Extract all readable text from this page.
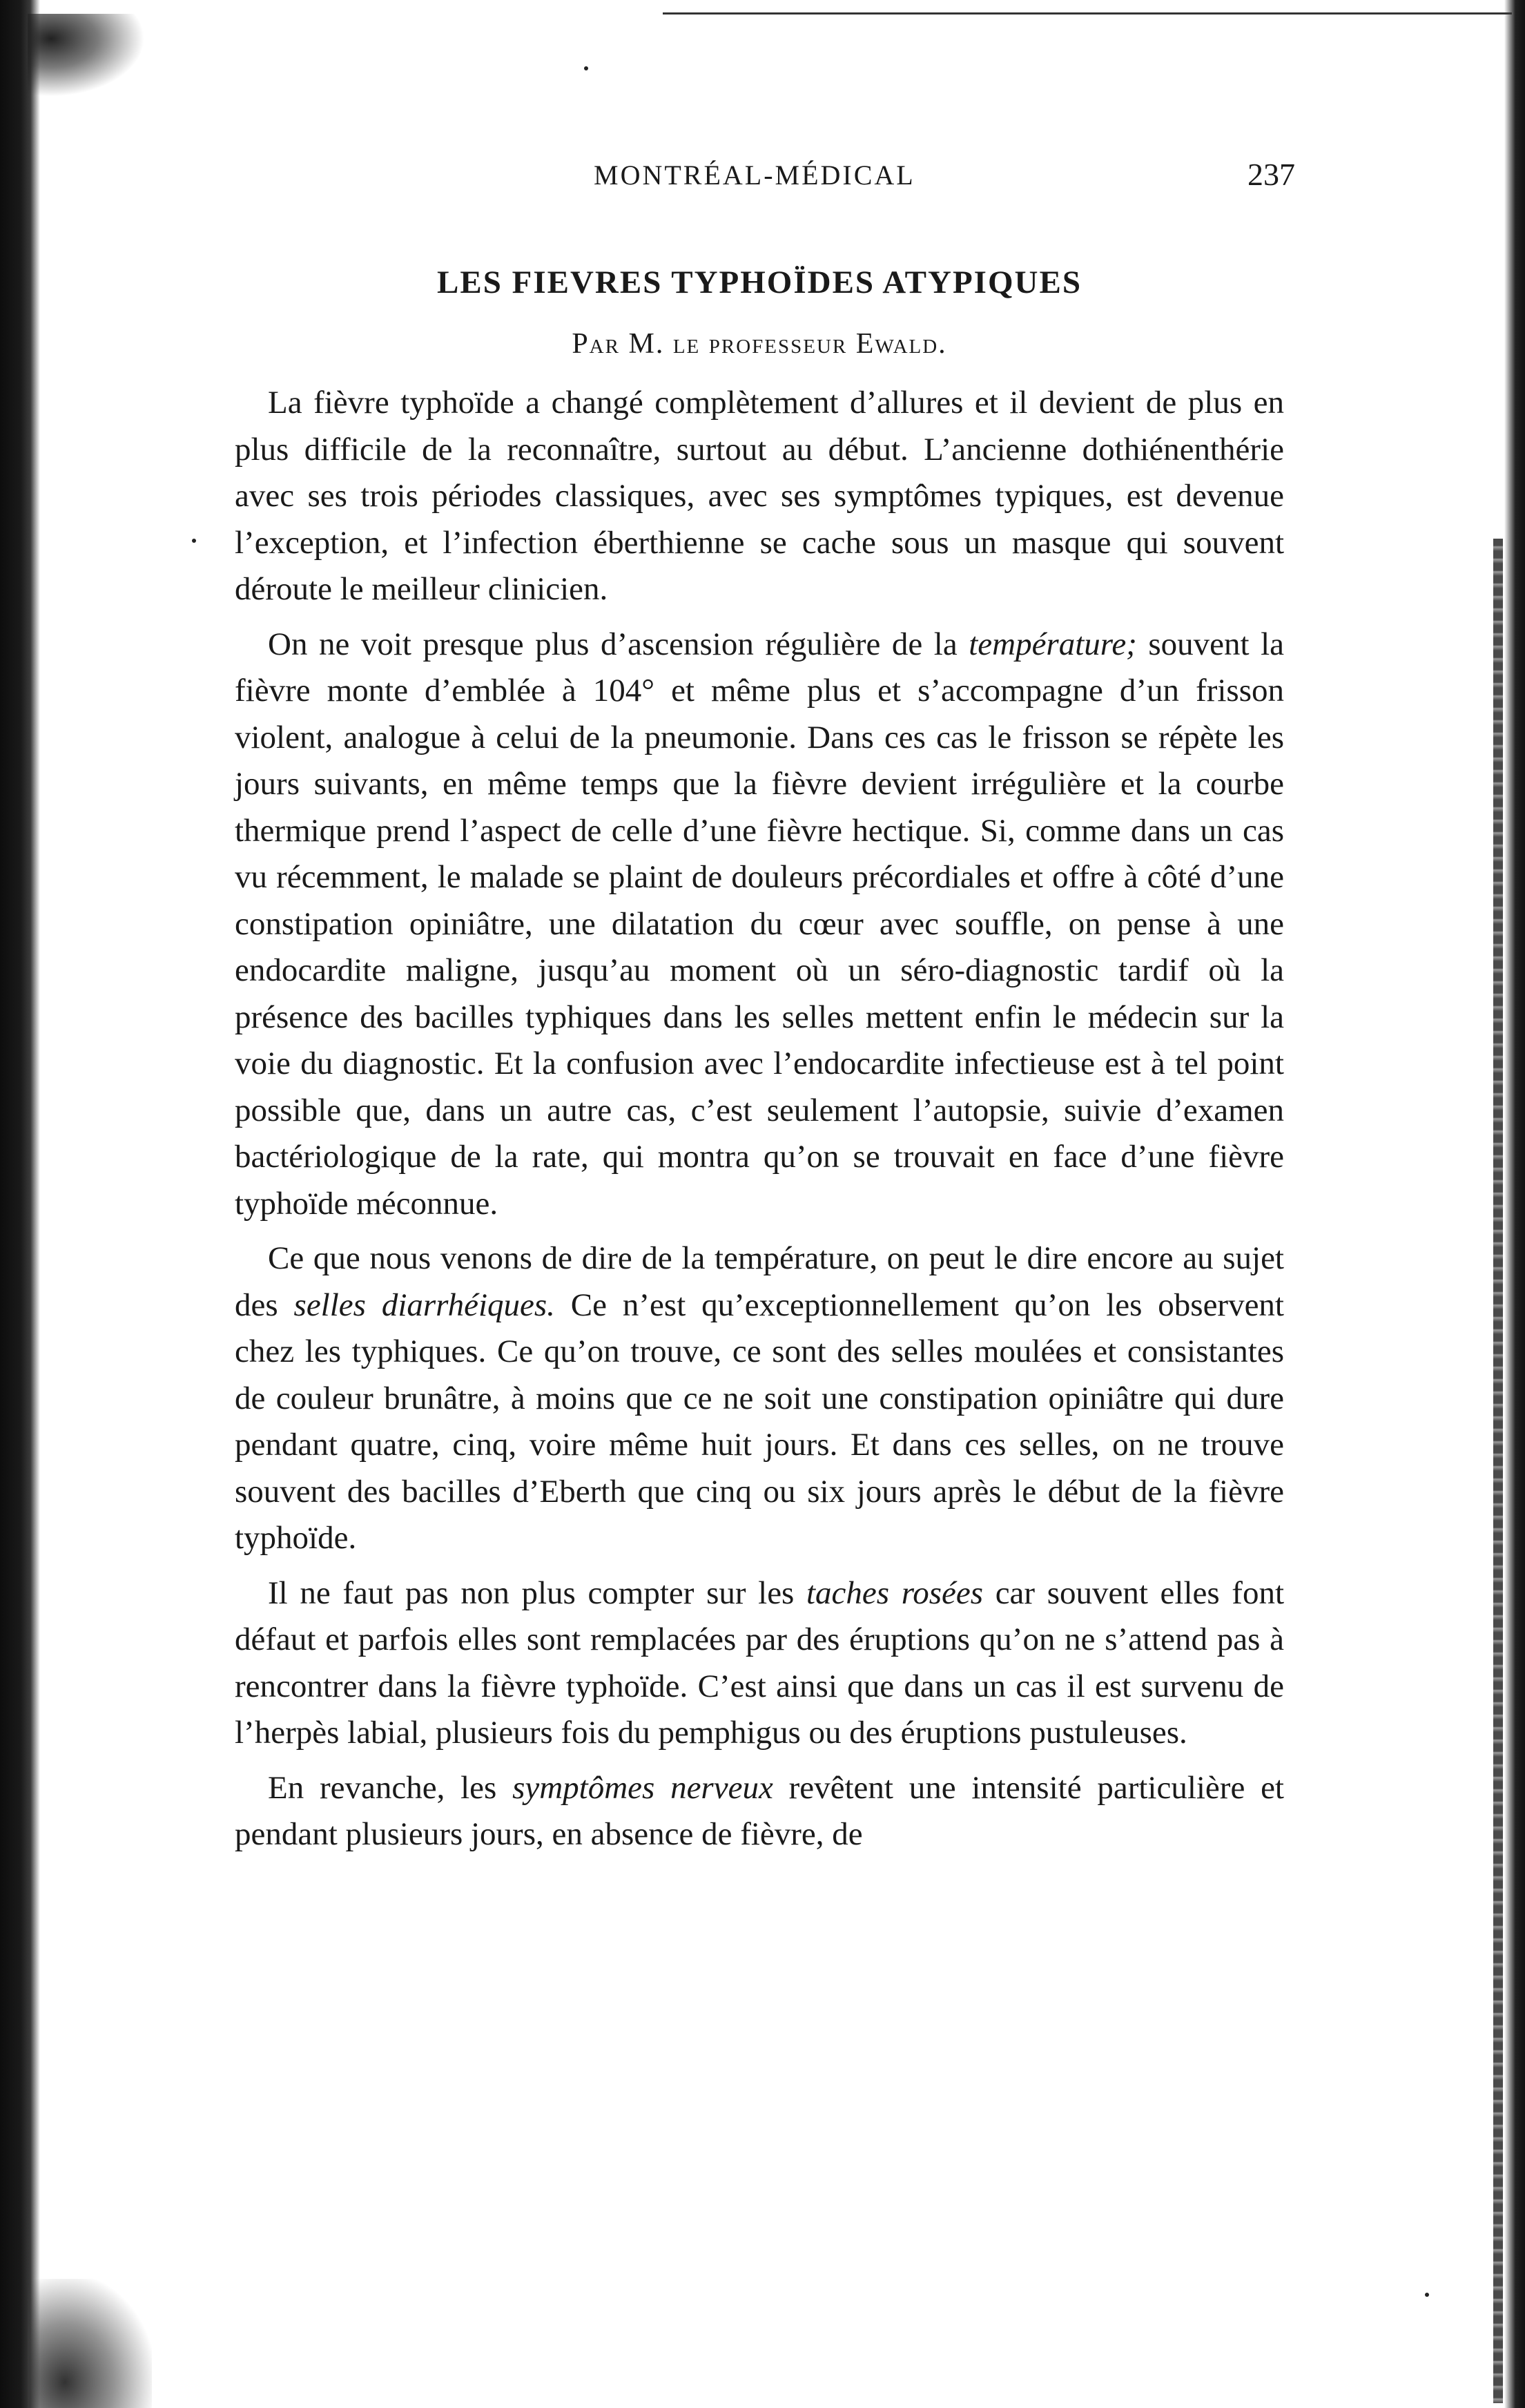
MONTRÉAL-MÉDICAL	237
LES FIEVRES TYPHOÏDES ATYPIQUES
Par M. le professeur Ewald.

La fièvre typhoïde a changé complètement d’allures et il devient de plus en plus difficile de la reconnaître, surtout au début. L’ancienne dothiénenthérie avec ses trois périodes classiques, avec ses symptômes typiques, est devenue l’exception, et l’infection éberthienne se cache sous un masque qui souvent déroute le meilleur clinicien.

On ne voit presque plus d’ascension régulière de la température; souvent la fièvre monte d’emblée à 104° et même plus et s’accompagne d’un frisson violent, analogue à celui de la pneumonie. Dans ces cas le frisson se répète les jours suivants, en même temps que la fièvre devient irrégulière et la courbe thermique prend l’aspect de celle d’une fièvre hectique. Si, comme dans un cas vu récemment, le malade se plaint de douleurs précordiales et offre à côté d’une constipation opiniâtre, une dilatation du cœur avec souffle, on pense à une endocardite maligne, jusqu’au moment où un séro-diagnostic tardif où la présence des bacilles typhiques dans les selles mettent enfin le médecin sur la voie du diagnostic. Et la confusion avec l’endocardite infectieuse est à tel point possible que, dans un autre cas, c’est seulement l’autopsie, suivie d’examen bactériologique de la rate, qui montra qu’on se trouvait en face d’une fièvre typhoïde méconnue.

Ce que nous venons de dire de la température, on peut le dire encore au sujet des selles diarrhéiques. Ce n’est qu’exceptionnellement qu’on les observent chez les typhiques. Ce qu’on trouve, ce sont des selles moulées et consistantes de couleur brunâtre, à moins que ce ne soit une constipation opiniâtre qui dure pendant quatre, cinq, voire même huit jours. Et dans ces selles, on ne trouve souvent des bacilles d’Eberth que cinq ou six jours après le début de la fièvre typhoïde.

Il ne faut pas non plus compter sur les taches rosées car souvent elles font défaut et parfois elles sont remplacées par des éruptions qu’on ne s’attend pas à rencontrer dans la fièvre typhoïde. C’est ainsi que dans un cas il est survenu de l’herpès labial, plusieurs fois du pemphigus ou des éruptions pustuleuses.

En revanche, les symptômes nerveux revêtent une intensité particulière et pendant plusieurs jours, en absence de fièvre, de
